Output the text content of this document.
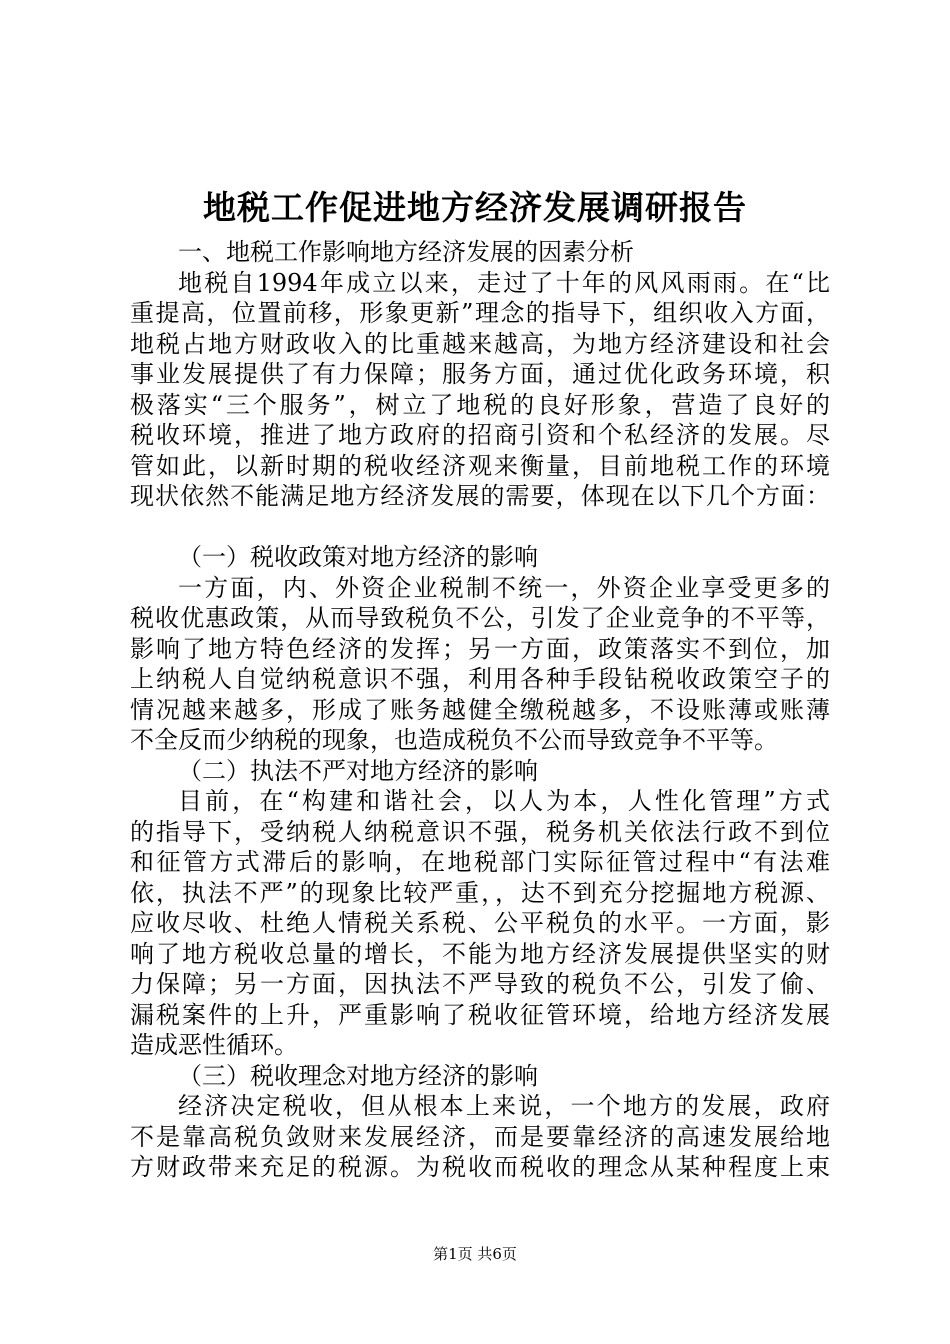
地税工作促进地方经济发展调研报告
一、地税工作影响地方经济发展的因素分析
地税自1994年成立以来，走过了十年的风风雨雨。在“比
重提高，位置前移，形象更新”理念的指导下，组织收入方面，
地税占地方财政收入的比重越来越高，为地方经济建设和社会
事业发展提供了有力保障；服务方面，通过优化政务环境，积
极落实“三个服务”，树立了地税的良好形象，营造了良好的
税收环境，推进了地方政府的招商引资和个私经济的发展。尽
管如此，以新时期的税收经济观来衡量，目前地税工作的环境
现状依然不能满足地方经济发展的需要，体现在以下几个方面：
（一）税收政策对地方经济的影响
一方面，内、外资企业税制不统一，外资企业享受更多的
税收优惠政策，从而导致税负不公，引发了企业竞争的不平等，
影响了地方特色经济的发挥；另一方面，政策落实不到位，加
上纳税人自觉纳税意识不强，利用各种手段钻税收政策空子的
情况越来越多，形成了账务越健全缴税越多，不设账薄或账薄
不全反而少纳税的现象，也造成税负不公而导致竞争不平等。
（二）执法不严对地方经济的影响
目前，在“构建和谐社会，以人为本，人性化管理”方式
的指导下，受纳税人纳税意识不强，税务机关依法行政不到位
和征管方式滞后的影响，在地税部门实际征管过程中“有法难
依，执法不严”的现象比较严重，，达不到充分挖掘地方税源、
应收尽收、杜绝人情税关系税、公平税负的水平。一方面，影
响了地方税收总量的增长，不能为地方经济发展提供坚实的财
力保障；另一方面，因执法不严导致的税负不公，引发了偷、
漏税案件的上升，严重影响了税收征管环境，给地方经济发展
造成恶性循环。
（三）税收理念对地方经济的影响
经济决定税收，但从根本上来说，一个地方的发展，政府
不是靠高税负敛财来发展经济，而是要靠经济的高速发展给地
方财政带来充足的税源。为税收而税收的理念从某种程度上束
第1页 共6页
